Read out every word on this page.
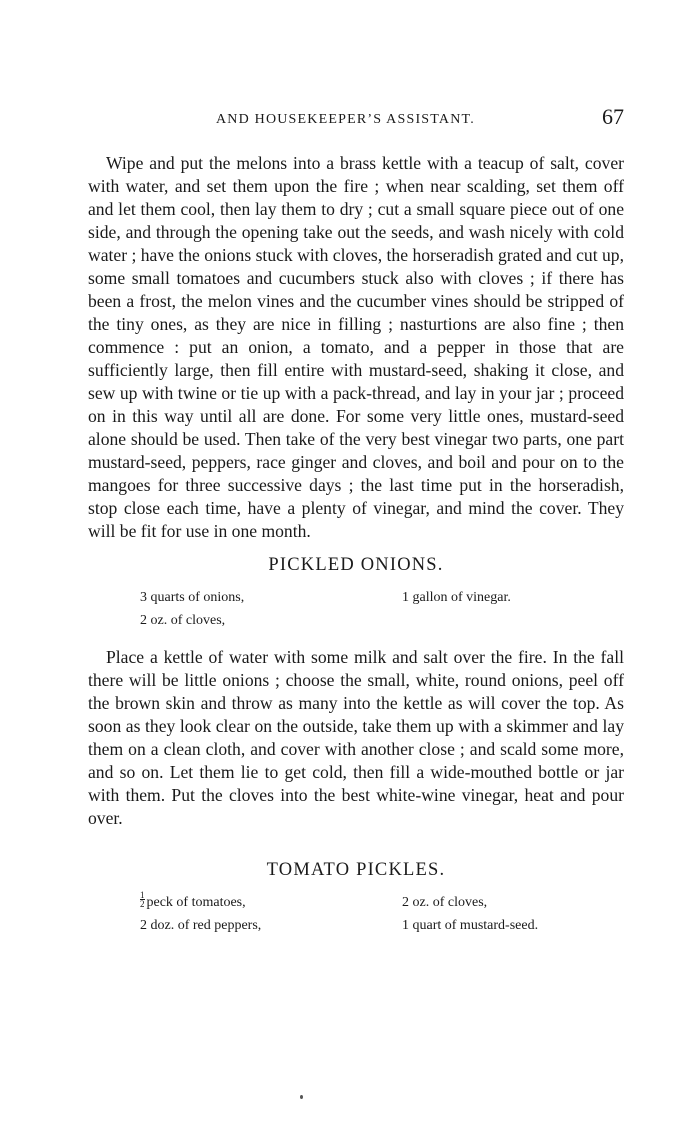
AND HOUSEKEEPER’S ASSISTANT.	67

Wipe and put the melons into a brass kettle with a teacup of salt, cover with water, and set them upon the fire ; when near scalding, set them off and let them cool, then lay them to dry ; cut a small square piece out of one side, and through the opening take out the seeds, and wash nicely with cold water ; have the onions stuck with cloves, the horseradish grated and cut up, some small tomatoes and cucumbers stuck also with cloves ; if there has been a frost, the melon vines and the cucumber vines should be stripped of the tiny ones, as they are nice in filling ; nasturtions are also fine ; then commence : put an onion, a tomato, and a pepper in those that are sufficiently large, then fill entire with mustard-seed, shaking it close, and sew up with twine or tie up with a pack-thread, and lay in your jar ; proceed on in this way until all are done. For some very little ones, mustard-seed alone should be used. Then take of the very best vinegar two parts, one part mustard-seed, peppers, race ginger and cloves, and boil and pour on to the mangoes for three successive days ; the last time put in the horseradish, stop close each time, have a plenty of vinegar, and mind the cover. They will be fit for use in one month.

PICKLED ONIONS.
3 quarts of onions,	1 gallon of vinegar.
2 oz. of cloves,

Place a kettle of water with some milk and salt over the fire. In the fall there will be little onions ; choose the small, white, round onions, peel off the brown skin and throw as many into the kettle as will cover the top. As soon as they look clear on the outside, take them up with a skimmer and lay them on a clean cloth, and cover with another close ; and scald some more, and so on. Let them lie to get cold, then fill a wide-mouthed bottle or jar with them. Put the cloves into the best white-wine vinegar, heat and pour over.

TOMATO PICKLES.
$\frac{1}{2}$ peck of tomatoes,	2 oz. of cloves,
2 doz. of red peppers,	1 quart of mustard-seed.
